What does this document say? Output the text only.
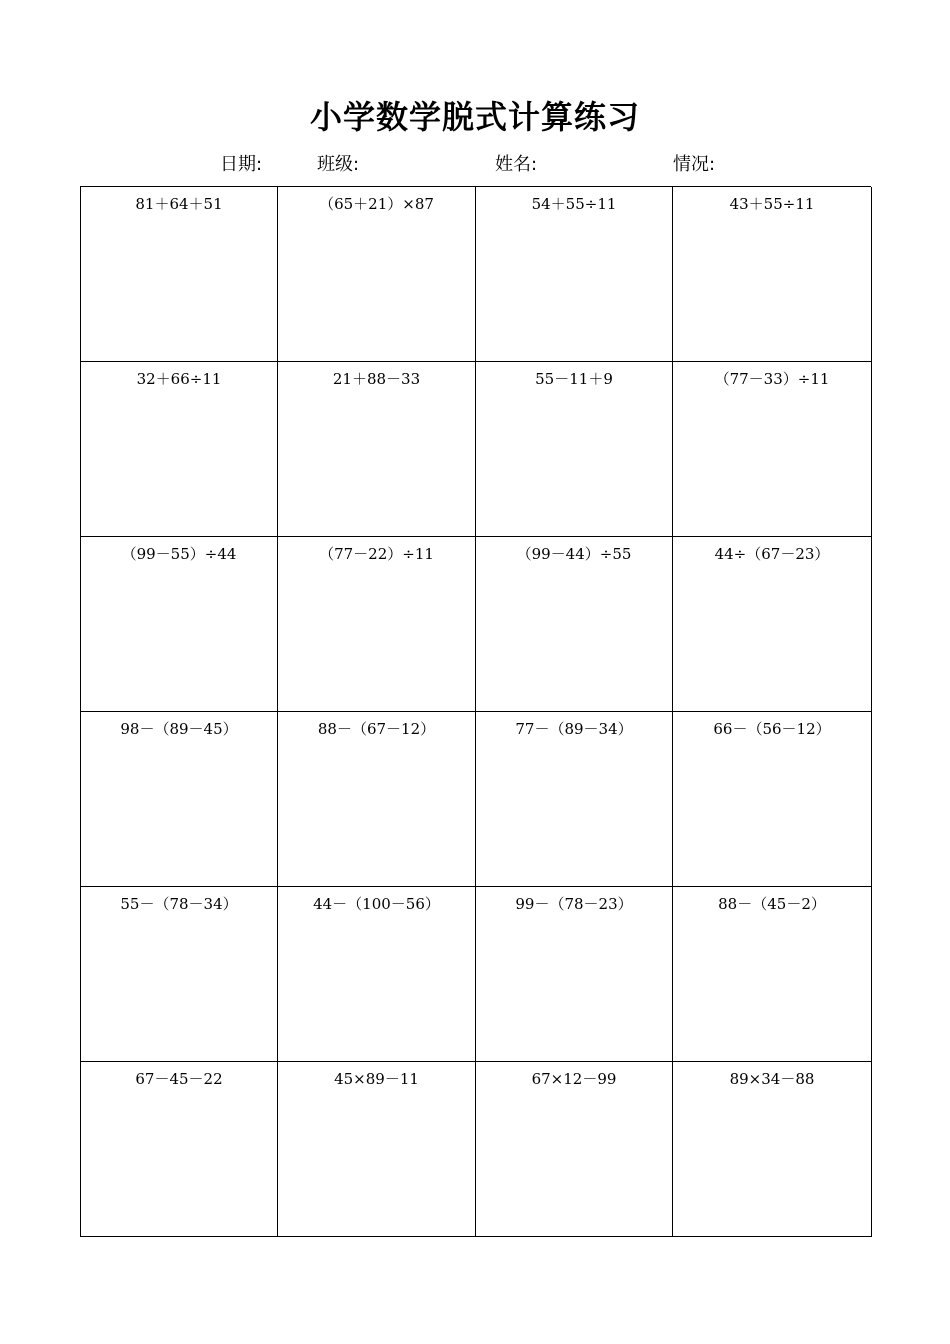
小学数学脱式计算练习
日期:	班级:	姓名:	情况:
81＋64＋51	（65＋21）×87	54＋55÷11	43＋55÷11
32＋66÷11	21＋88－33	55－11＋9	（77－33）÷11
（99－55）÷44	（77－22）÷11	（99－44）÷55	44÷（67－23）
98－（89－45）	88－（67－12）	77－（89－34）	66－（56－12）
55－（78－34）	44－（100－56）	99－（78－23）	88－（45－2）
67－45－22	45×89－11	67×12－99	89×34－88
